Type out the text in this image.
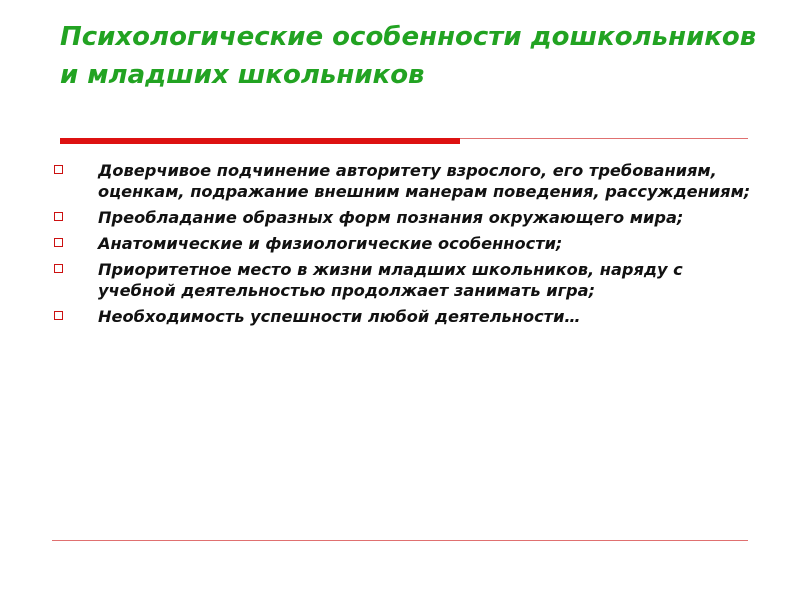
Психологические особенности дошкольников и младших школьников
Доверчивое подчинение авторитету взрослого, его требованиям, оценкам, подражание внешним манерам поведения, рассуждениям;
Преобладание образных форм познания окружающего мира;
Анатомические и физиологические особенности;
Приоритетное место в жизни младших школьников, наряду с учебной деятельностью продолжает занимать игра;
Необходимость успешности любой деятельности…
